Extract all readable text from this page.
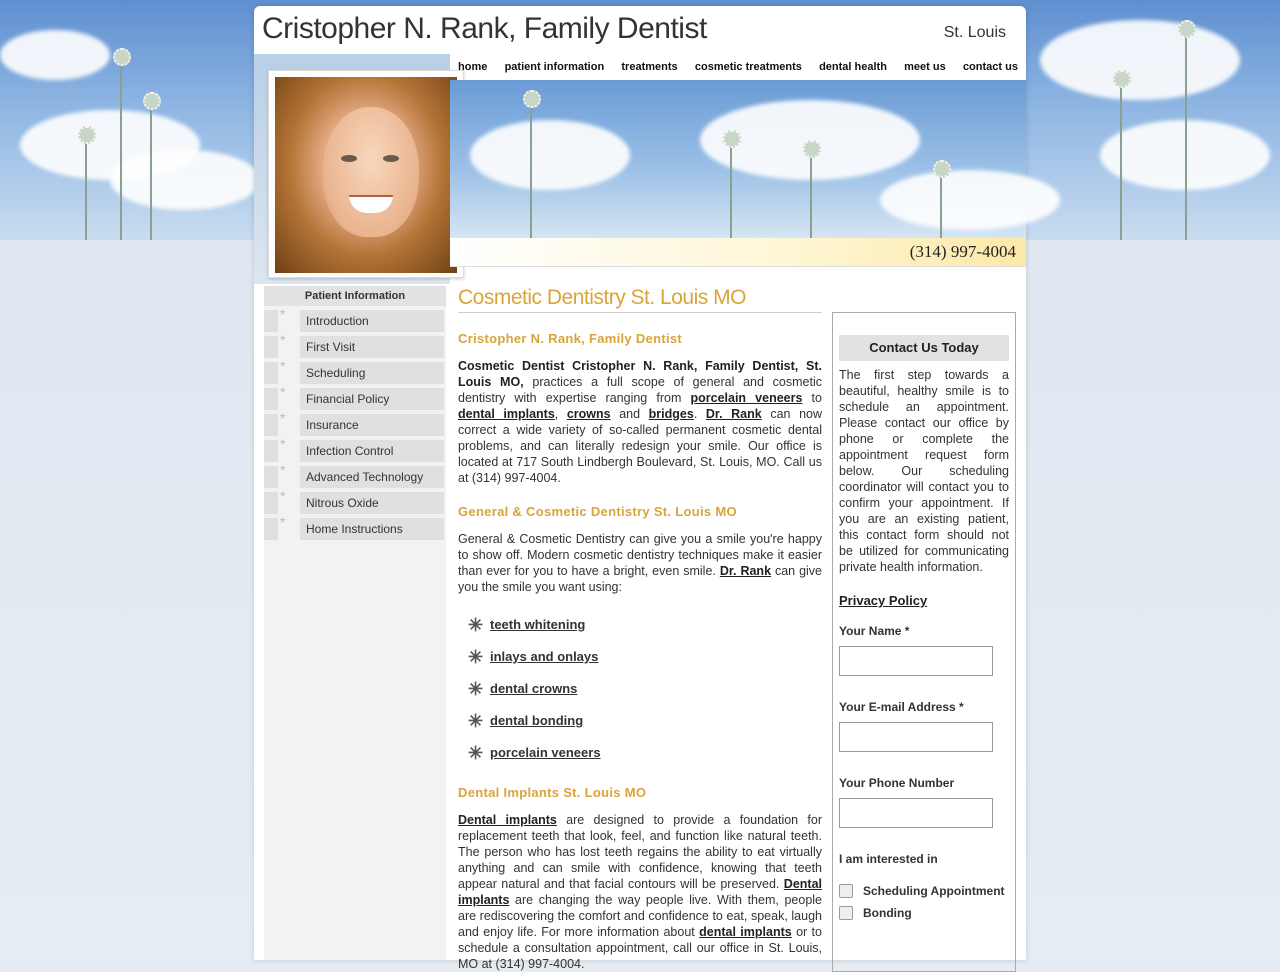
Cristopher N. Rank, Family Dentist	St. Louis
home patient information treatments cosmetic treatments dental health meet us contact us
(314) 997-4004
Patient Information
*	Introduction
*	First Visit
*	Scheduling
*	Financial Policy
*	Insurance
*	Infection Control
*	Advanced Technology
*	Nitrous Oxide
*	Home Instructions
Cosmetic Dentistry St. Louis MO
Cristopher N. Rank, Family Dentist

Cosmetic Dentist Cristopher N. Rank, Family Dentist, St. Louis MO, practices a full scope of general and cosmetic dentistry with expertise ranging from porcelain veneers to dental implants, crowns and bridges. Dr. Rank can now correct a wide variety of so-called permanent cosmetic dental problems, and can literally redesign your smile. Our office is located at 717 South Lindbergh Boulevard, St. Louis, MO. Call us at (314) 997-4004.

General & Cosmetic Dentistry St. Louis MO

General & Cosmetic Dentistry can give you a smile you're happy to show off. Modern cosmetic dentistry techniques make it easier than ever for you to have a bright, even smile. Dr. Rank can give you the smile you want using:

✳ teeth whitening
✳ inlays and onlays
✳ dental crowns
✳ dental bonding
✳ porcelain veneers
Dental Implants St. Louis MO

Dental implants are designed to provide a foundation for replacement teeth that look, feel, and function like natural teeth. The person who has lost teeth regains the ability to eat virtually anything and can smile with confidence, knowing that teeth appear natural and that facial contours will be preserved. Dental implants are changing the way people live. With them, people are rediscovering the comfort and confidence to eat, speak, laugh and enjoy life. For more information about dental implants or to schedule a consultation appointment, call our office in St. Louis, MO at (314) 997-4004.

Contact Us Today
The first step towards a beautiful, healthy smile is to schedule an appointment. Please contact our office by phone or complete the appointment request form below. Our scheduling coordinator will contact you to confirm your appointment. If you are an existing patient, this contact form should not be utilized for communicating private health information.
Privacy Policy
Your Name *
Your E-mail Address *
Your Phone Number
I am interested in
Scheduling Appointment
Bonding
